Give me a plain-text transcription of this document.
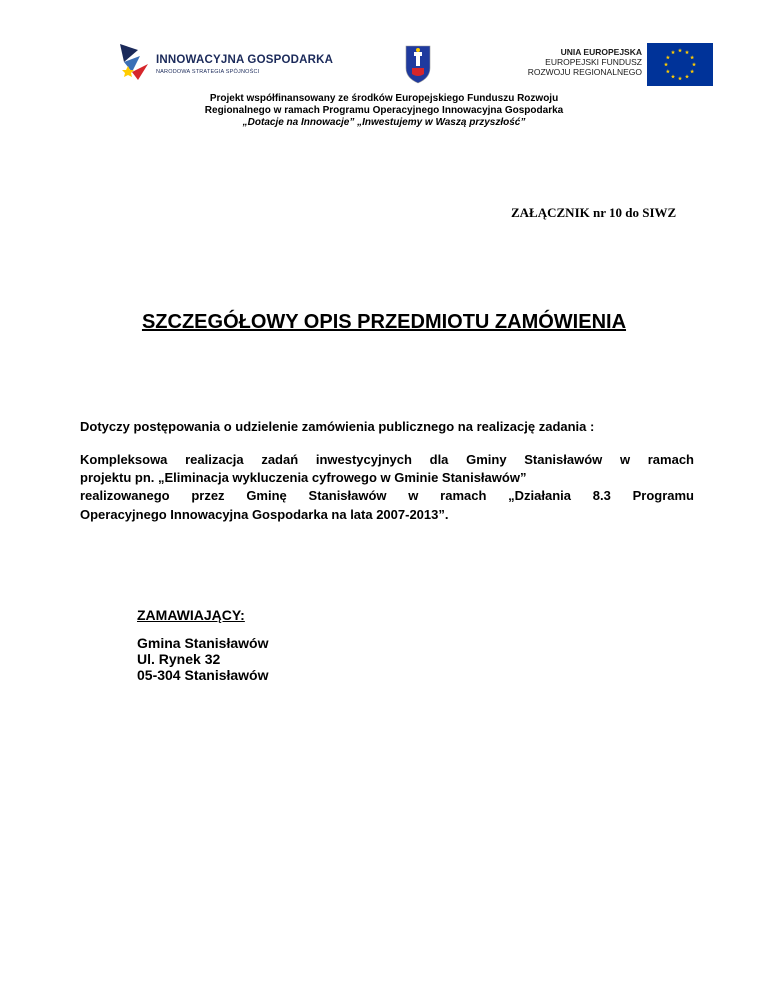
INNOWACYJNA GOSPODARKA
NARODOWA STRATEGIA SPÓJNOŚCI
UNIA EUROPEJSKA
EUROPEJSKI FUNDUSZ
ROZWOJU REGIONALNEGO
Projekt współfinansowany ze środków Europejskiego Funduszu Rozwoju
Regionalnego w ramach Programu Operacyjnego Innowacyjna Gospodarka
„Dotacje na Innowacje” „Inwestujemy w Waszą przyszłość”
ZAŁĄCZNIK nr 10 do SIWZ
SZCZEGÓŁOWY OPIS PRZEDMIOTU ZAMÓWIENIA
Dotyczy postępowania o udzielenie zamówienia publicznego na realizację zadania :
Kompleksowa realizacja zadań inwestycyjnych dla Gminy Stanisławów w ramach
projektu pn. „Eliminacja wykluczenia cyfrowego w Gminie Stanisławów”
realizowanego przez Gminę Stanisławów w ramach „Działania 8.3 Programu
Operacyjnego Innowacyjna Gospodarka na lata 2007-2013”.
ZAMAWIAJĄCY:
Gmina Stanisławów
Ul. Rynek 32
05-304 Stanisławów
